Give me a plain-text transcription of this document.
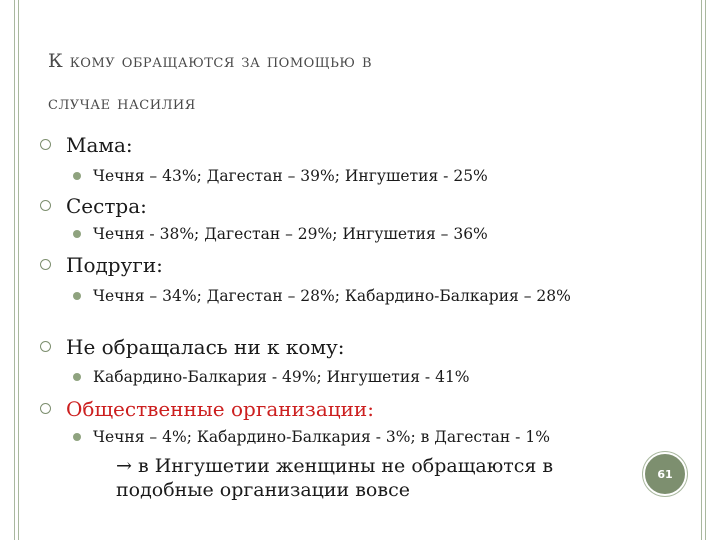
К кому обращаются за помощью в
случае насилия
Мама:
Чечня – 43%; Дагестан – 39%; Ингушетия - 25%
Сестра:
Чечня - 38%; Дагестан – 29%; Ингушетия – 36%
Подруги:
Чечня – 34%; Дагестан – 28%; Кабардино-Балкария – 28%
Не обращалась ни к кому:
Кабардино-Балкария - 49%; Ингушетия - 41%
Общественные организации:
Чечня – 4%; Кабардино-Балкария - 3%; в Дагестан - 1%
→ в Ингушетии женщины не обращаются в подобные организации вовсе
61
